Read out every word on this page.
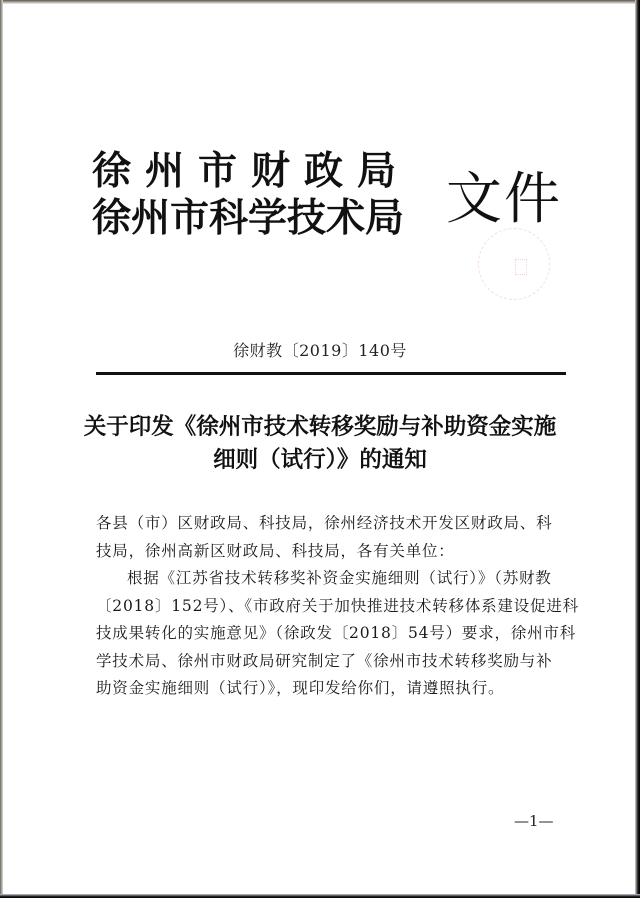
徐州市财政局
徐州市科学技术局 文件
徐财教〔2019〕140号
关于印发《徐州市技术转移奖励与补助资金实施
细则（试行）》的通知
各县（市）区财政局、科技局，徐州经济技术开发区财政局、科
技局，徐州高新区财政局、科技局，各有关单位：
根据《江苏省技术转移奖补资金实施细则（试行）》（苏财教
〔2018〕152号）、《市政府关于加快推进技术转移体系建设促进科
技成果转化的实施意见》（徐政发〔2018〕54号）要求，徐州市科
学技术局、徐州市财政局研究制定了《徐州市技术转移奖励与补
助资金实施细则（试行）》，现印发给你们，请遵照执行。
—1—
